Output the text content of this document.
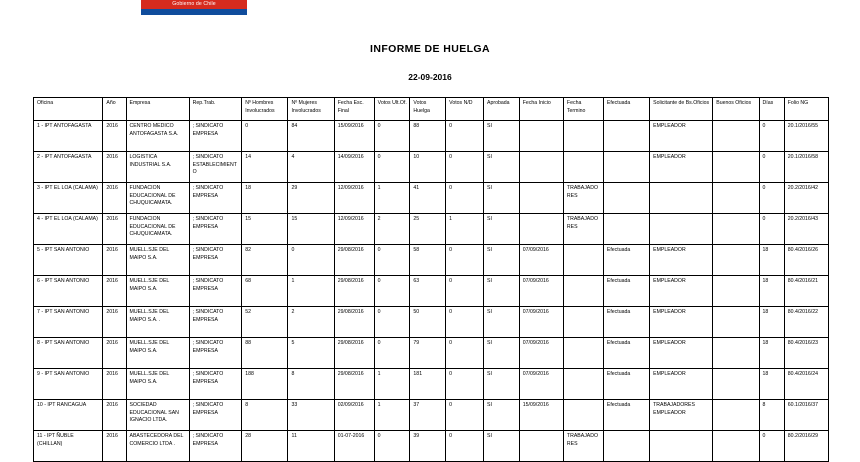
Gobierno de Chile
INFORME DE HUELGA
22-09-2016
Oficina	Año	Empresa	Rep.Trab.	Nº Hombres Involucrados	Nº Mujeres Involucrados	Fecha Esc. Final	Votos Ult.Of.	Votos Huelga	Votos N/D	Aprobada	Fecha Inicio	Fecha Termino	Efectuada	Solicitante de Bs.Oficios	Buenos Oficios	Días	Folio NG
1 - IPT ANTOFAGASTA	2016	CENTRO MEDICO ANTOFAGASTA S.A.	; SINDICATO EMPRESA	0	84	15/09/2016	0	88	0	SI				EMPLEADOR		0	20.1/2016/55
2 - IPT ANTOFAGASTA	2016	LOGISTICA INDUSTRIAL S.A.	; SINDICATO ESTABLECIMIENTO	14	4	14/09/2016	0	10	0	SI				EMPLEADOR		0	20.1/2016/58
3 - IPT EL LOA (CALAMA)	2016	FUNDACION EDUCACIONAL DE CHUQUICAMATA.	; SINDICATO EMPRESA	18	29	12/09/2016	1	41	0	SI		TRABAJADORES				0	20.2/2016/42
4 - IPT EL LOA (CALAMA)	2016	FUNDACION EDUCACIONAL DE CHUQUICAMATA.	; SINDICATO EMPRESA	15	15	12/09/2016	2	25	1	SI		TRABAJADORES				0	20.2/2016/43
5 - IPT SAN ANTONIO	2016	MUELL.SJE DEL MAIPO S.A.	; SINDICATO EMPRESA	82	0	29/08/2016	0	58	0	SI	07/09/2016		Efectuada	EMPLEADOR		18	80.4/2016/26
6 - IPT SAN ANTONIO	2016	MUELL.SJE DEL MAIPO S.A.	; SINDICATO EMPRESA	68	1	29/08/2016	0	63	0	SI	07/09/2016		Efectuada	EMPLEADOR		18	80.4/2016/21
7 - IPT SAN ANTONIO	2016	MUELL.SJE DEL MAIPO S.A. .	; SINDICATO EMPRESA	52	2	29/08/2016	0	50	0	SI	07/09/2016		Efectuada	EMPLEADOR		18	80.4/2016/22
8 - IPT SAN ANTONIO	2016	MUELL.SJE DEL MAIPO S.A.	; SINDICATO EMPRESA	88	5	29/08/2016	0	79	0	SI	07/09/2016		Efectuada	EMPLEADOR		18	80.4/2016/23
9 - IPT SAN ANTONIO	2016	MUELL.SJE DEL MAIPO S.A.	; SINDICATO EMPRESA	188	8	29/08/2016	1	181	0	SI	07/09/2016		Efectuada	EMPLEADOR		18	80.4/2016/24
10 - IPT RANCAGUA	2016	SOCIEDAD EDUCACIONAL SAN IGNACIO LTDA.	; SINDICATO EMPRESA	8	33	02/09/2016	1	37	0	SI	15/09/2016		Efectuada	TRABAJADORES EMPLEADOR		8	60.1/2016/37
11 - IPT ÑUBLE (CHILLAN)	2016	ABASTECEDORA DEL COMERCIO LTDA .	; SINDICATO EMPRESA	28	11	01-07-2016	0	39	0	SI		TRABAJADORES				0	80.2/2016/29
